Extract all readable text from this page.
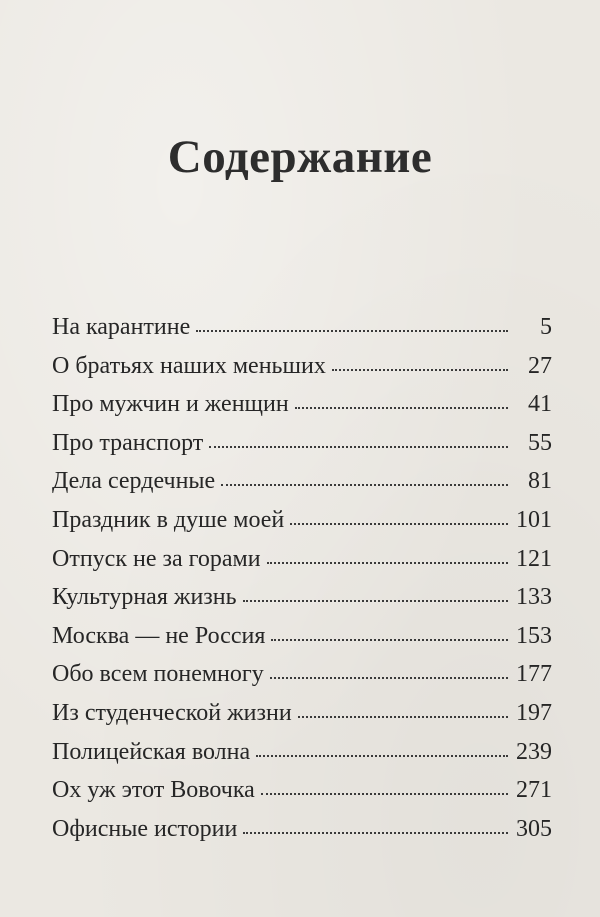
Содержание
На карантине	5
О братьях наших меньших	27
Про мужчин и женщин	41
Про транспорт	55
Дела сердечные	81
Праздник в душе моей	101
Отпуск не за горами	121
Культурная жизнь	133
Москва — не Россия	153
Обо всем понемногу	177
Из студенческой жизни	197
Полицейская волна	239
Ох уж этот Вовочка	271
Офисные истории	305
